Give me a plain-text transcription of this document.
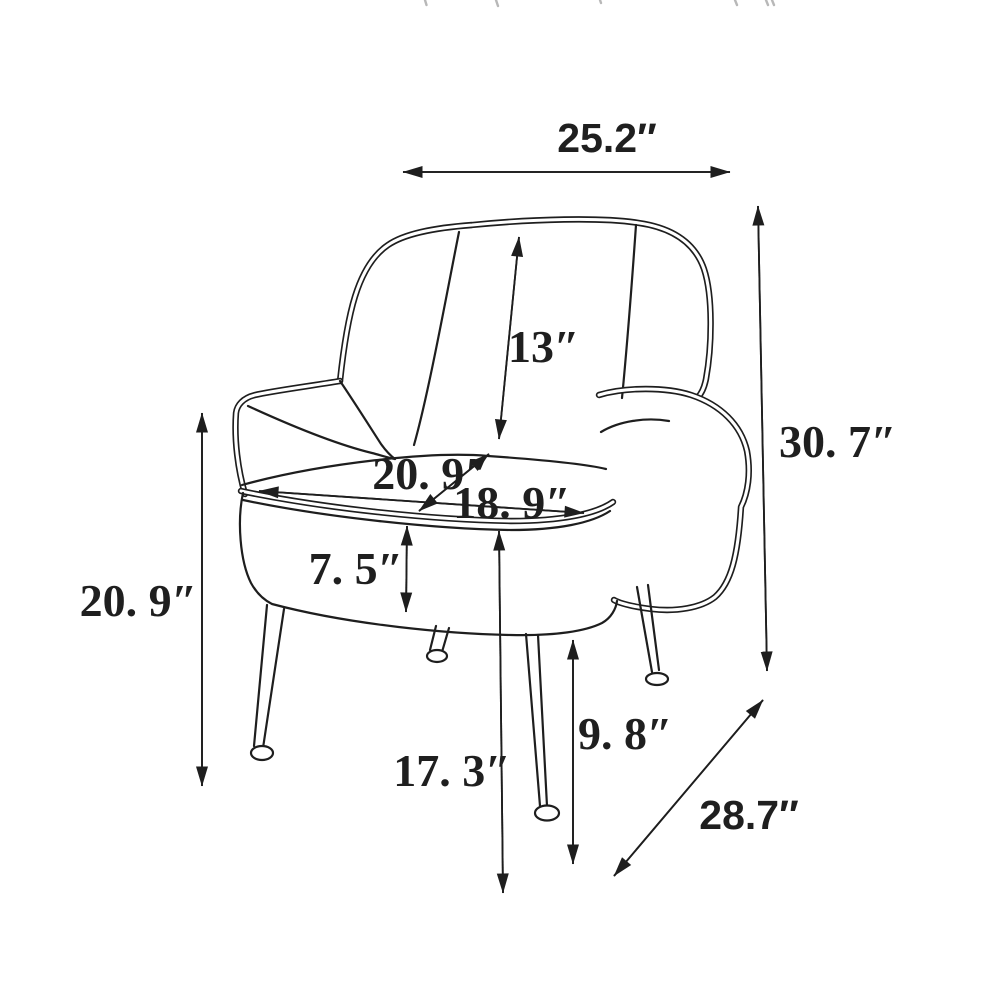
25.2″
30. 7″
20. 9″
13″
20. 9″
18. 9″
7. 5″
17. 3″
9. 8″
28.7″
